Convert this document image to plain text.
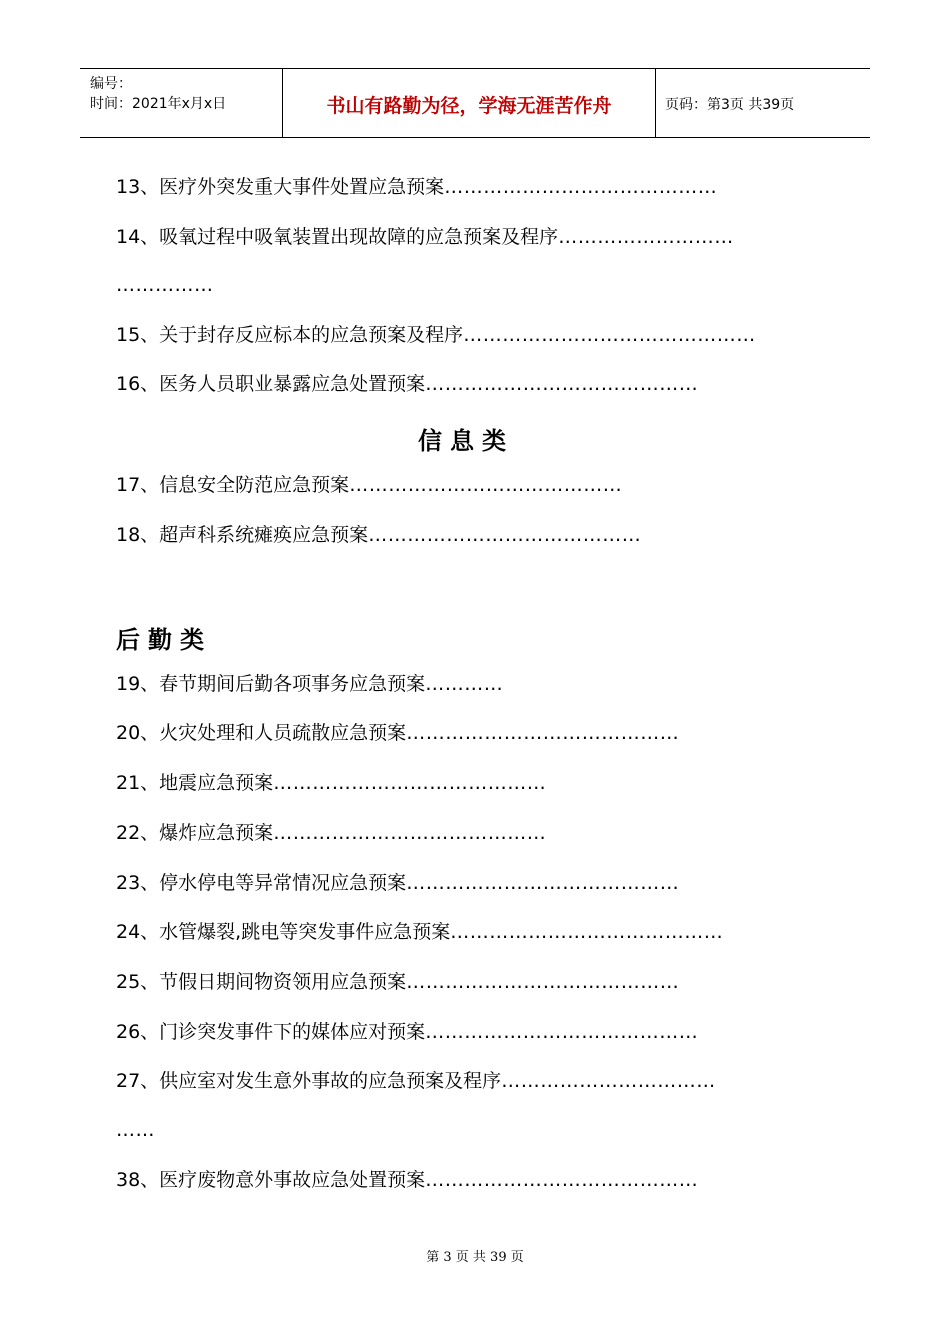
编号：
时间：2021年x月x日	书山有路勤为径，学海无涯苦作舟	页码：第3页 共39页
13、医疗外突发重大事件处置应急预案……………………………………
14、吸氧过程中吸氧装置出现故障的应急预案及程序………………………
……………
15、关于封存反应标本的应急预案及程序………………………………………
16、医务人员职业暴露应急处置预案……………………………………
信息类
17、信息安全防范应急预案……………………………………
18、超声科系统瘫痪应急预案……………………………………
后勤类
19、春节期间后勤各项事务应急预案…………
20、火灾处理和人员疏散应急预案……………………………………
21、地震应急预案……………………………………
22、爆炸应急预案……………………………………
23、停水停电等异常情况应急预案……………………………………
24、水管爆裂,跳电等突发事件应急预案……………………………………
25、节假日期间物资领用应急预案……………………………………
26、门诊突发事件下的媒体应对预案……………………………………
27、供应室对发生意外事故的应急预案及程序……………………………
……
38、医疗废物意外事故应急处置预案……………………………………
第 3 页 共 39 页
